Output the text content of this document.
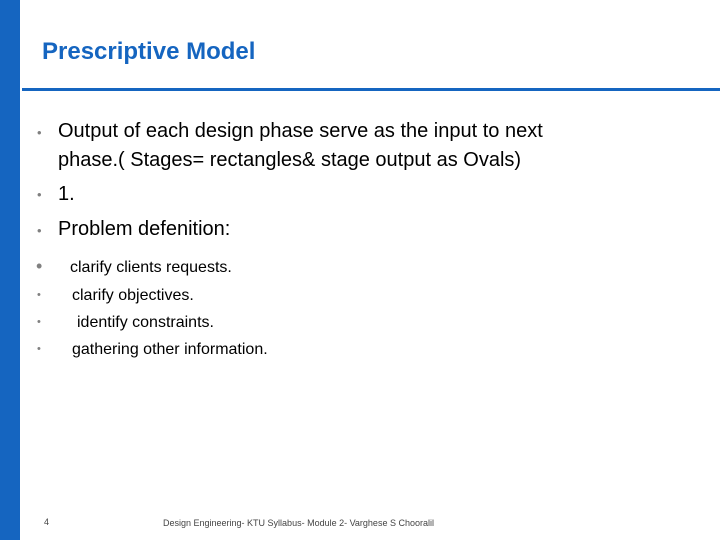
Prescriptive Model
• Output of each design phase serve as the input to next
phase.( Stages= rectangles& stage output as Ovals)
• 1.
• Problem defenition:
• clarify clients requests.
• clarify objectives.
• identify constraints.
• gathering other information.
4	Design Engineering- KTU Syllabus- Module 2- Varghese S Chooralil
